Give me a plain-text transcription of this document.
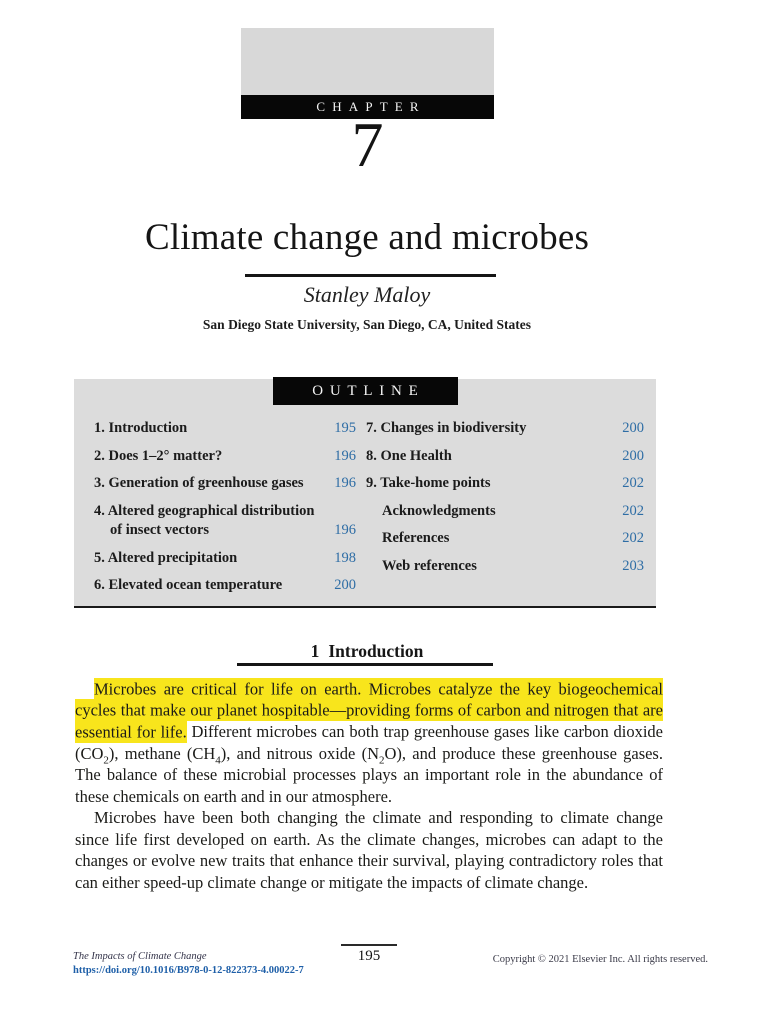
CHAPTER
7
Climate change and microbes
Stanley Maloy
San Diego State University, San Diego, CA, United States
OUTLINE
1. Introduction	195
2. Does 1–2° matter?	196
3. Generation of greenhouse gases	196
4. Altered geographical distribution of insect vectors	196
5. Altered precipitation	198
6. Elevated ocean temperature	200
7. Changes in biodiversity	200
8. One Health	200
9. Take-home points	202
Acknowledgments	202
References	202
Web references	203
1 Introduction

Microbes are critical for life on earth. Microbes catalyze the key biogeochemical cycles that make our planet hospitable—providing forms of carbon and nitrogen that are essential for life. Different microbes can both trap greenhouse gases like carbon dioxide $(CO_2)$, methane $(CH_4)$, and nitrous oxide $(N_2O)$, and produce these greenhouse gases. The balance of these microbial processes plays an important role in the abundance of these chemicals on earth and in our atmosphere.

Microbes have been both changing the climate and responding to climate change since life first developed on earth. As the climate changes, microbes can adapt to the changes or evolve new traits that enhance their survival, playing contradictory roles that can either speed-up climate change or mitigate the impacts of climate change.

The Impacts of Climate Change
https://doi.org/10.1016/B978-0-12-822373-4.00022-7
195	Copyright © 2021 Elsevier Inc. All rights reserved.
